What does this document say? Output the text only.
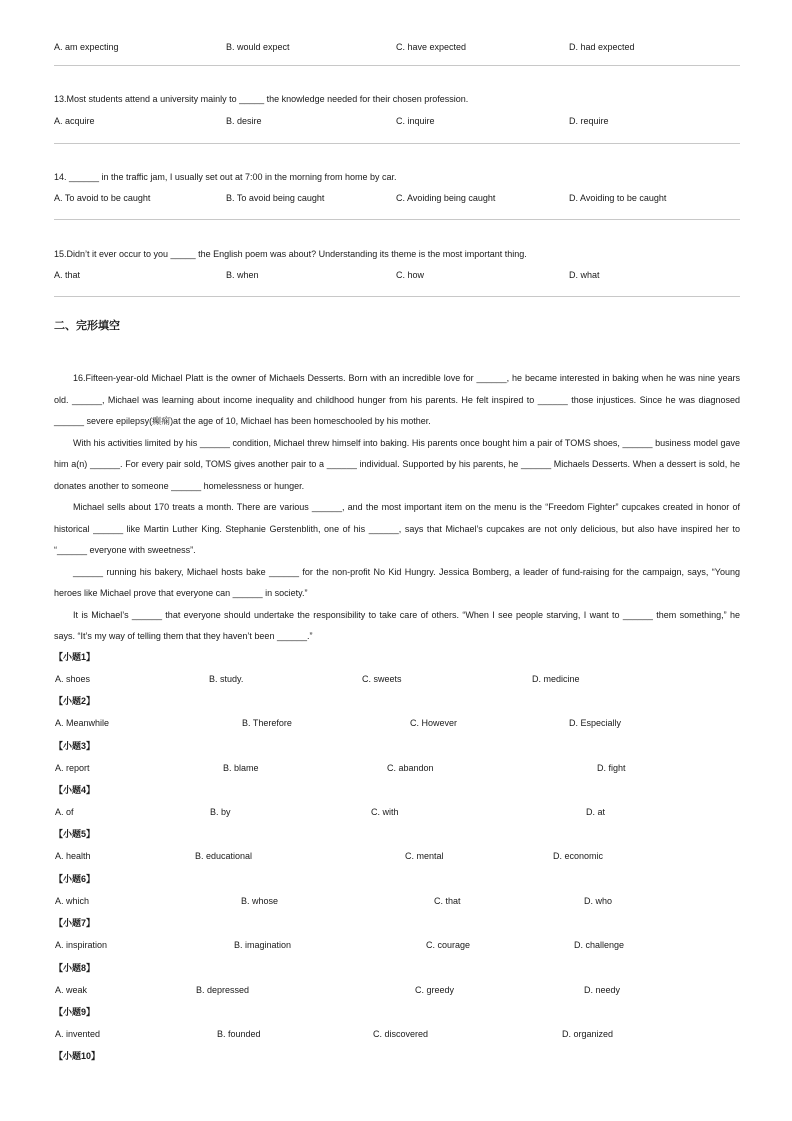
A. am expecting	B. would expect	C. have expected	D. had expected
13.Most students attend a university mainly to _____ the knowledge needed for their chosen profession.
A. acquire	B. desire	C. inquire	D. require
14. ______ in the traffic jam, I usually set out at 7:00 in the morning from home by car.
A. To avoid to be caught	B. To avoid being caught	C. Avoiding being caught	D. Avoiding to be caught
15.Didn’t it ever occur to you _____ the English poem was about? Understanding its theme is the most important thing.
A. that	B. when	C. how	D. what
二、完形填空

16.Fifteen-year-old Michael Platt is the owner of Michaels Desserts. Born with an incredible love for ______, he became interested in baking when he was nine years old. ______, Michael was learning about income inequality and childhood hunger from his parents. He felt inspired to ______ those injustices. Since he was diagnosed ______ severe epilepsy(癫痫)at the age of 10, Michael has been homeschooled by his mother.

With his activities limited by his ______ condition, Michael threw himself into baking. His parents once bought him a pair of TOMS shoes, ______ business model gave him a(n) ______. For every pair sold, TOMS gives another pair to a ______ individual. Supported by his parents, he ______ Michaels Desserts. When a dessert is sold, he donates another to someone ______ homelessness or hunger.

Michael sells about 170 treats a month. There are various ______, and the most important item on the menu is the “Freedom Fighter” cupcakes created in honor of historical ______ like Martin Luther King. Stephanie Gerstenblith, one of his ______, says that Michael’s cupcakes are not only delicious, but also have inspired her to “______ everyone with sweetness”.

______ running his bakery, Michael hosts bake ______ for the non-profit No Kid Hungry. Jessica Bomberg, a leader of fund-raising for the campaign, says, “Young heroes like Michael prove that everyone can ______ in society.”

It is Michael’s ______ that everyone should undertake the responsibility to take care of others. “When I see people starving, I want to ______ them something,” he says. “It’s my way of telling them that they haven’t been ______.”

【小题1】
A. shoes	B. study.	C. sweets	D. medicine
【小题2】
A. Meanwhile	B. Therefore	C. However	D. Especially
【小题3】
A. report	B. blame	C. abandon	D. fight
【小题4】
A. of	B. by	C. with	D. at
【小题5】
A. health	B. educational	C. mental	D. economic
【小题6】
A. which	B. whose	C. that	D. who
【小题7】
A. inspiration	B. imagination	C. courage	D. challenge
【小题8】
A. weak	B. depressed	C. greedy	D. needy
【小题9】
A. invented	B. founded	C. discovered	D. organized
【小题10】
